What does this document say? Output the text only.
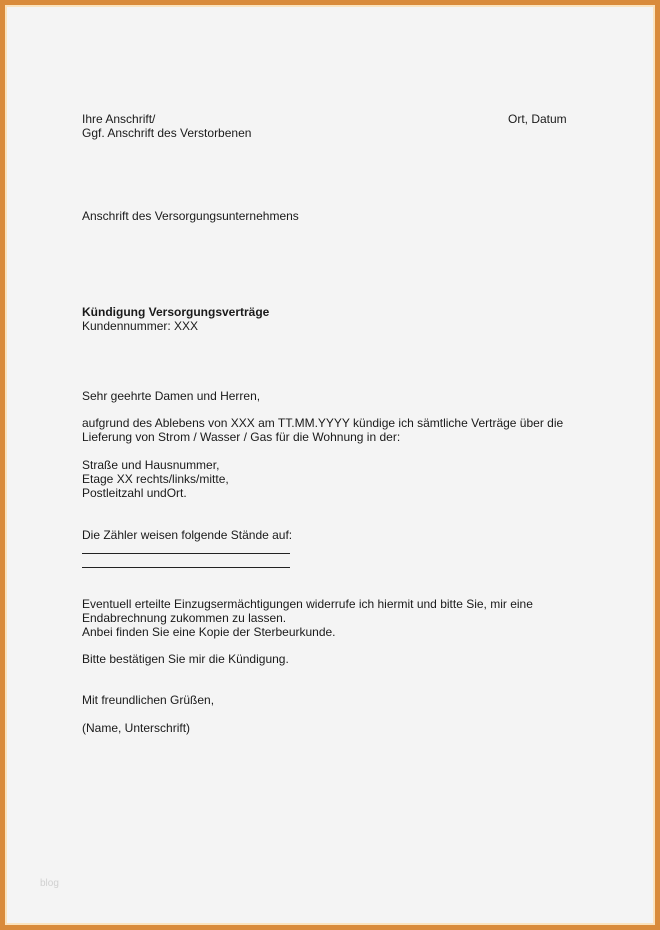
Ihre Anschrift/
Ggf. Anschrift des Verstorbenen
Ort, Datum
Anschrift des Versorgungsunternehmens
Kündigung Versorgungsverträge
Kundennummer: XXX
Sehr geehrte Damen und Herren,
aufgrund des Ablebens von XXX am TT.MM.YYYY kündige ich sämtliche Verträge über die
Lieferung von Strom / Wasser / Gas für die Wohnung in der:
Straße und Hausnummer,
Etage XX rechts/links/mitte,
Postleitzahl undOrt.
Die Zähler weisen folgende Stände auf:
Eventuell erteilte Einzugsermächtigungen widerrufe ich hiermit und bitte Sie, mir eine
Endabrechnung zukommen zu lassen.
Anbei finden Sie eine Kopie der Sterbeurkunde.
Bitte bestätigen Sie mir die Kündigung.
Mit freundlichen Grüßen,
(Name, Unterschrift)
blog
